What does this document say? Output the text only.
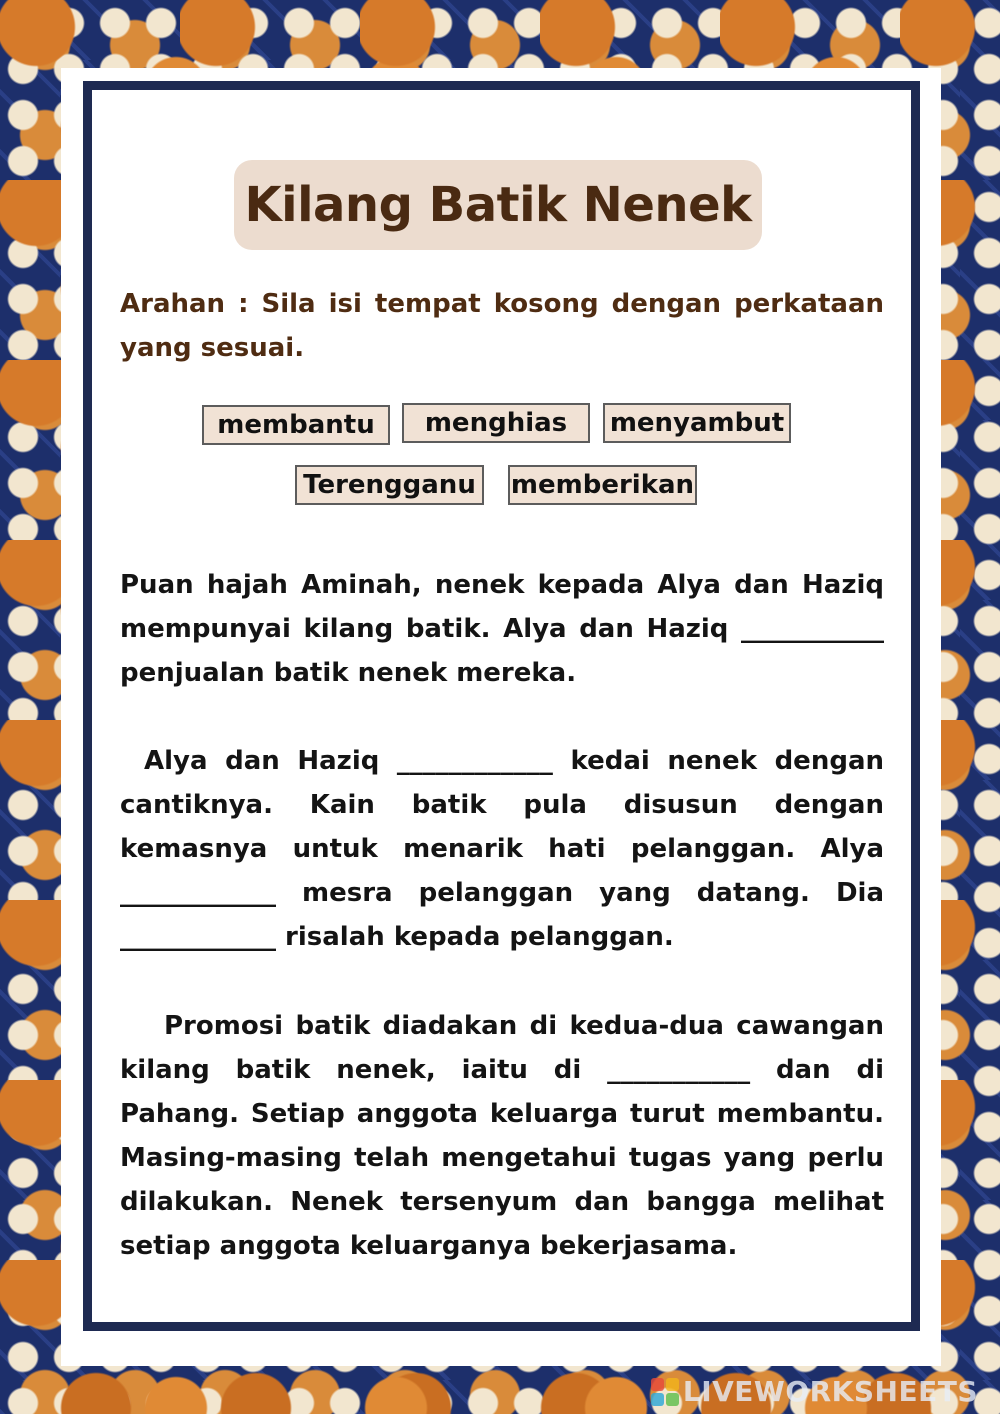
Kilang Batik Nenek

Arahan : Sila isi tempat kosong dengan perkataan yang sesuai.

membantu	menghias	menyambut
Terengganu	memberikan

Puan hajah Aminah, nenek kepada Alya dan Haziq mempunyai kilang batik. Alya dan Haziq ___________ penjualan batik nenek mereka.

Alya dan Haziq ____________ kedai nenek dengan cantiknya. Kain batik pula disusun dengan kemasnya untuk menarik hati pelanggan. Alya ____________ mesra pelanggan yang datang. Dia ____________ risalah kepada pelanggan.

Promosi batik diadakan di kedua-dua cawangan kilang batik nenek, iaitu di ___________ dan di Pahang. Setiap anggota keluarga turut membantu. Masing-masing telah mengetahui tugas yang perlu dilakukan. Nenek tersenyum dan bangga melihat setiap anggota keluarganya bekerjasama.

LIVEWORKSHEETS
